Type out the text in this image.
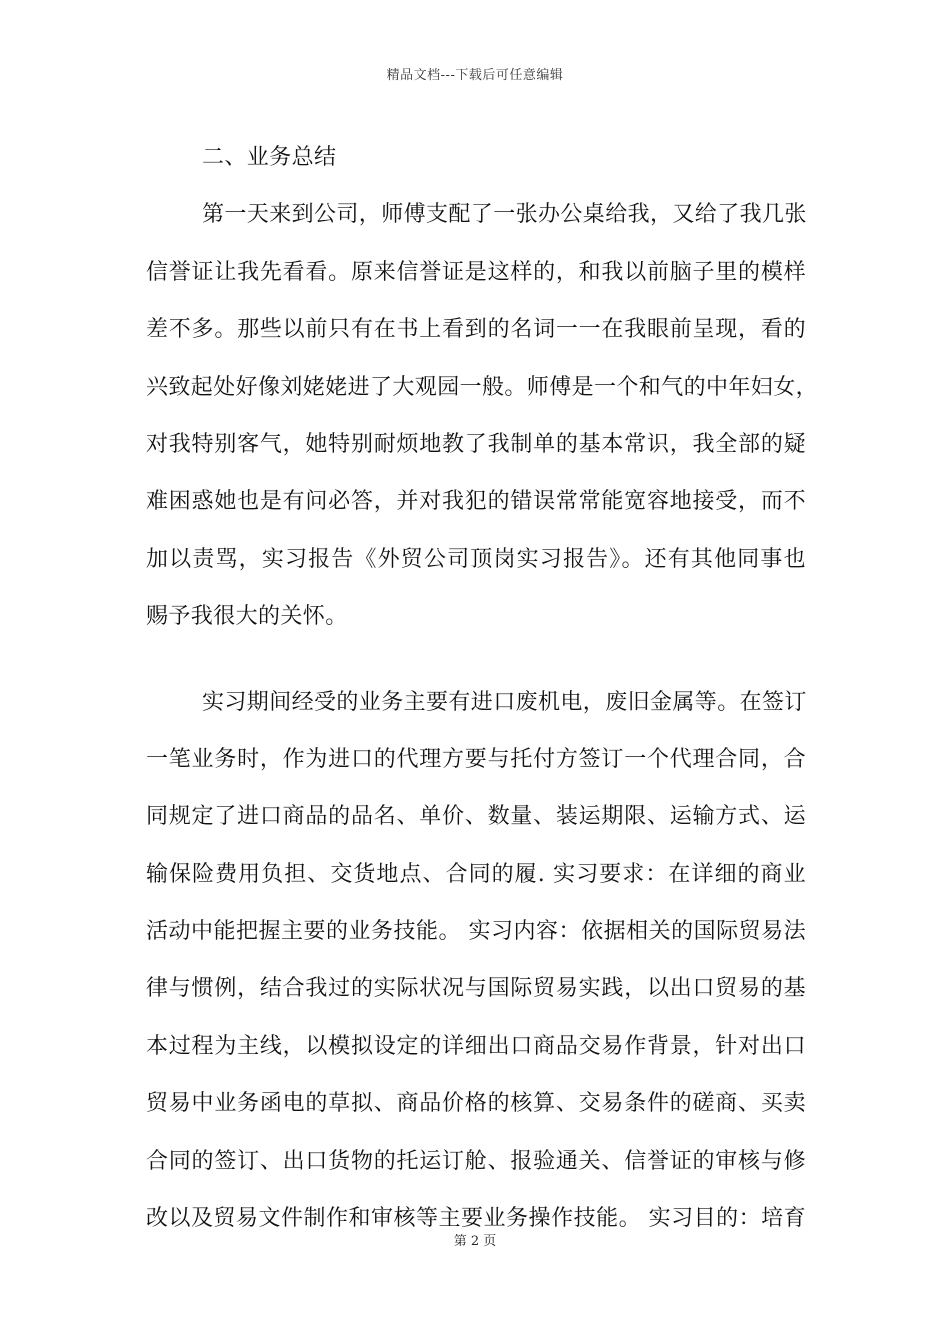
精品文档---下载后可任意编辑
二、业务总结
第一天来到公司，师傅支配了一张办公桌给我，又给了我几张
信誉证让我先看看。原来信誉证是这样的，和我以前脑子里的模样
差不多。那些以前只有在书上看到的名词一一在我眼前呈现，看的
兴致起处好像刘姥姥进了大观园一般。师傅是一个和气的中年妇女，
对我特别客气，她特别耐烦地教了我制单的基本常识，我全部的疑
难困惑她也是有问必答，并对我犯的错误常常能宽容地接受，而不
加以责骂，实习报告《外贸公司顶岗实习报告》。还有其他同事也
赐予我很大的关怀。
实习期间经受的业务主要有进口废机电，废旧金属等。在签订
一笔业务时，作为进口的代理方要与托付方签订一个代理合同，合
同规定了进口商品的品名、单价、数量、装运期限、运输方式、运
输保险费用负担、交货地点、合同的履. 实习要求：在详细的商业
活动中能把握主要的业务技能。 实习内容：依据相关的国际贸易法
律与惯例，结合我过的实际状况与国际贸易实践，以出口贸易的基
本过程为主线，以模拟设定的详细出口商品交易作背景，针对出口
贸易中业务函电的草拟、商品价格的核算、交易条件的磋商、买卖
合同的签订、出口货物的托运订舱、报验通关、信誉证的审核与修
改以及贸易文件制作和审核等主要业务操作技能。 实习目的：培育
第 2 页
